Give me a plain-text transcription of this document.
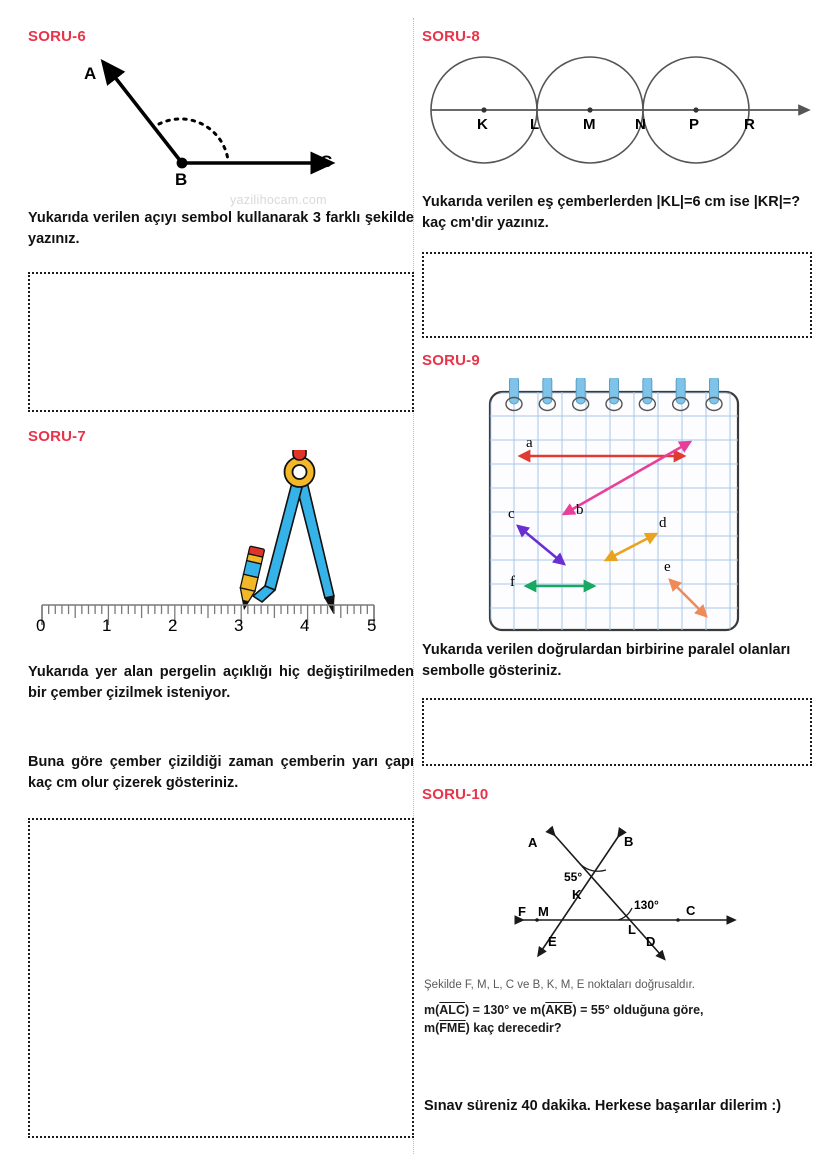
SORU-6
A
B
C
yazilihocam.com

Yukarıda verilen açıyı sembol kullanarak 3 farklı şekilde yazınız.

SORU-7
0	1	2	3	4	5

Yukarıda yer alan pergelin açıklığı hiç değiştirilmeden bir çember çizilmek isteniyor.

Buna göre çember çizildiği zaman çemberin yarı çapı kaç cm olur çizerek gösteriniz.

SORU-8
K	L	M	N	P	R

Yukarıda verilen eş çemberlerden |KL|=6 cm ise |KR|=? kaç cm'dir yazınız.

SORU-9
a
b
c
d
e
f

Yukarıda verilen doğrulardan birbirine paralel olanları sembolle gösteriniz.

SORU-10
A	B
55°
K
F M	130° C
L
E	D

Şekilde F, M, L, C ve B, K, M, E noktaları doğrusaldır.

$m(\overline{ALC}) = 130^\circ$ ve $m(\overline{AKB}) = 55^\circ$ olduğuna göre,
$m(\overline{FME})$ kaç derecedir?

Sınav süreniz 40 dakika. Herkese başarılar dilerim :)
